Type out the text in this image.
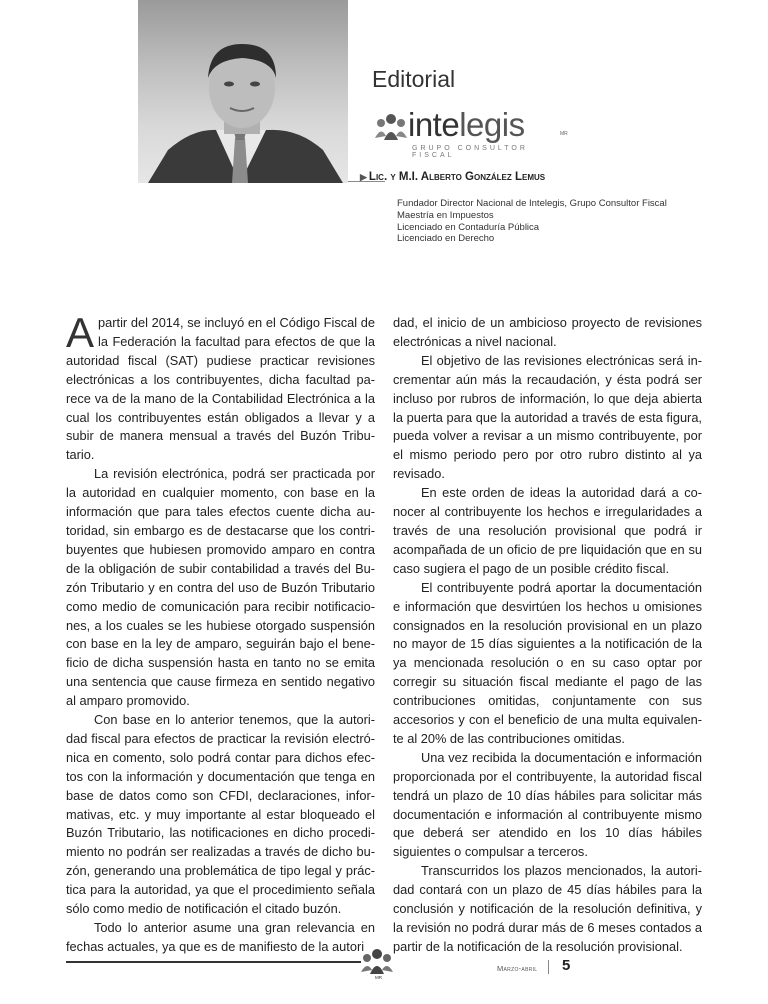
Editorial
intelegis	MR
GRUPO CONSULTOR FISCAL
▶ Lic. y M.I. Alberto González Lemus
Fundador Director Nacional de Intelegis, Grupo Consultor Fiscal
Maestría en Impuestos
Licenciado en Contaduría Pública
Licenciado en Derecho

Apartir del 2014, se incluyó en el Código Fiscal de la Federación la facultad para efectos de que la autoridad fiscal (SAT) pudiese practicar revisiones electrónicas a los contribuyentes, dicha facultad parece va de la mano de la Contabilidad Electrónica a la cual los contribuyentes están obligados a llevar y a subir de manera mensual a través del Buzón Tributario.

La revisión electrónica, podrá ser practicada por la autoridad en cualquier momento, con base en la información que para tales efectos cuente dicha autoridad, sin embargo es de destacarse que los contribuyentes que hubiesen promovido amparo en contra de la obligación de subir contabilidad a través del Buzón Tributario y en contra del uso de Buzón Tributario como medio de comunicación para recibir notificaciones, a los cuales se les hubiese otorgado suspensión con base en la ley de amparo, seguirán bajo el beneficio de dicha suspensión hasta en tanto no se emita una sentencia que cause firmeza en sentido negativo al amparo promovido.

Con base en lo anterior tenemos, que la autoridad fiscal para efectos de practicar la revisión electrónica en comento, solo podrá contar para dichos efectos con la información y documentación que tenga en base de datos como son CFDI, declaraciones, informativas, etc. y muy importante al estar bloqueado el Buzón Tributario, las notificaciones en dicho procedimiento no podrán ser realizadas a través de dicho buzón, generando una problemática de tipo legal y práctica para la autoridad, ya que el procedimiento señala sólo como medio de notificación el citado buzón.

Todo lo anterior asume una gran relevancia en fechas actuales, ya que es de manifiesto de la autori

dad, el inicio de un ambicioso proyecto de revisiones electrónicas a nivel nacional.

El objetivo de las revisiones electrónicas será incrementar aún más la recaudación, y ésta podrá ser incluso por rubros de información, lo que deja abierta la puerta para que la autoridad a través de esta figura, pueda volver a revisar a un mismo contribuyente, por el mismo periodo pero por otro rubro distinto al ya revisado.

En este orden de ideas la autoridad dará a conocer al contribuyente los hechos e irregularidades a través de una resolución provisional que podrá ir acompañada de un oficio de pre liquidación que en su caso sugiera el pago de un posible crédito fiscal.

El contribuyente podrá aportar la documentación e información que desvirtúen los hechos u omisiones consignados en la resolución provisional en un plazo no mayor de 15 días siguientes a la notificación de la ya mencionada resolución o en su caso optar por corregir su situación fiscal mediante el pago de las contribuciones omitidas, conjuntamente con sus accesorios y con el beneficio de una multa equivalente al 20% de las contribuciones omitidas.

Una vez recibida la documentación e información proporcionada por el contribuyente, la autoridad fiscal tendrá un plazo de 10 días hábiles para solicitar más documentación e información al contribuyente mismo que deberá ser atendido en los 10 días hábiles siguientes o compulsar a terceros.

Transcurridos los plazos mencionados, la autoridad contará con un plazo de 45 días hábiles para la conclusión y notificación de la resolución definitiva, y la revisión no podrá durar más de 6 meses contados a partir de la notificación de la resolución provisional.

MR
Marzo-abril 5
